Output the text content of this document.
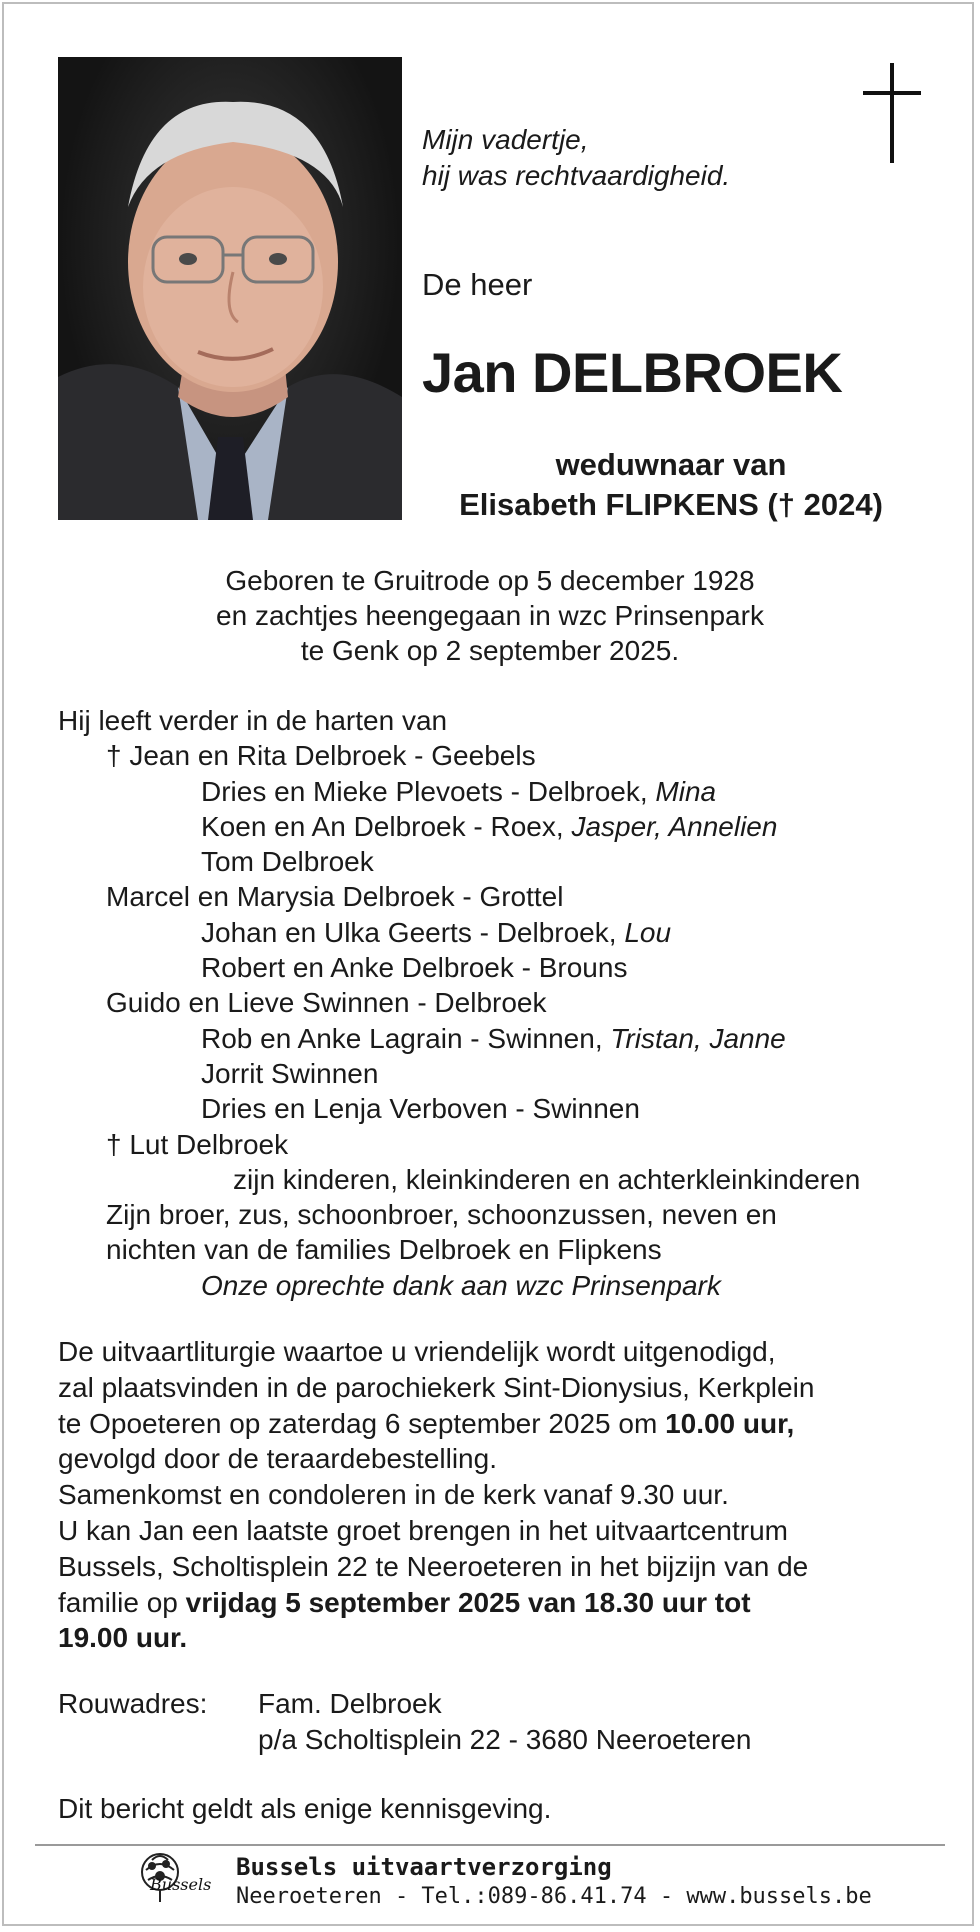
Mijn vadertje,
hij was rechtvaardigheid.
De heer
Jan DELBROEK
weduwnaar van
Elisabeth FLIPKENS († 2024)
Geboren te Gruitrode op 5 december 1928
en zachtjes heengegaan in wzc Prinsenpark
te Genk op 2 september 2025.
Hij leeft verder in de harten van
† Jean en Rita Delbroek - Geebels
Dries en Mieke Plevoets - Delbroek, Mina
Koen en An Delbroek - Roex, Jasper, Annelien
Tom Delbroek
Marcel en Marysia Delbroek - Grottel
Johan en Ulka Geerts - Delbroek, Lou
Robert en Anke Delbroek - Brouns
Guido en Lieve Swinnen - Delbroek
Rob en Anke Lagrain - Swinnen, Tristan, Janne
Jorrit Swinnen
Dries en Lenja Verboven - Swinnen
† Lut Delbroek
zijn kinderen, kleinkinderen en achterkleinkinderen
Zijn broer, zus, schoonbroer, schoonzussen, neven en
nichten van de families Delbroek en Flipkens
Onze oprechte dank aan wzc Prinsenpark
De uitvaartliturgie waartoe u vriendelijk wordt uitgenodigd,
zal plaatsvinden in de parochiekerk Sint-Dionysius, Kerkplein
te Opoeteren op zaterdag 6 september 2025 om 10.00 uur,
gevolgd door de teraardebestelling.
Samenkomst en condoleren in de kerk vanaf 9.30 uur.
U kan Jan een laatste groet brengen in het uitvaartcentrum
Bussels, Scholtisplein 22 te Neeroeteren in het bijzijn van de
familie op vrijdag 5 september 2025 van 18.30 uur tot
19.00 uur.
Rouwadres: Fam. Delbroek
p/a Scholtisplein 22 - 3680 Neeroeteren
Dit bericht geldt als enige kennisgeving.
Bussels
Bussels uitvaartverzorging
Neeroeteren - Tel.:089-86.41.74 - www.bussels.be
